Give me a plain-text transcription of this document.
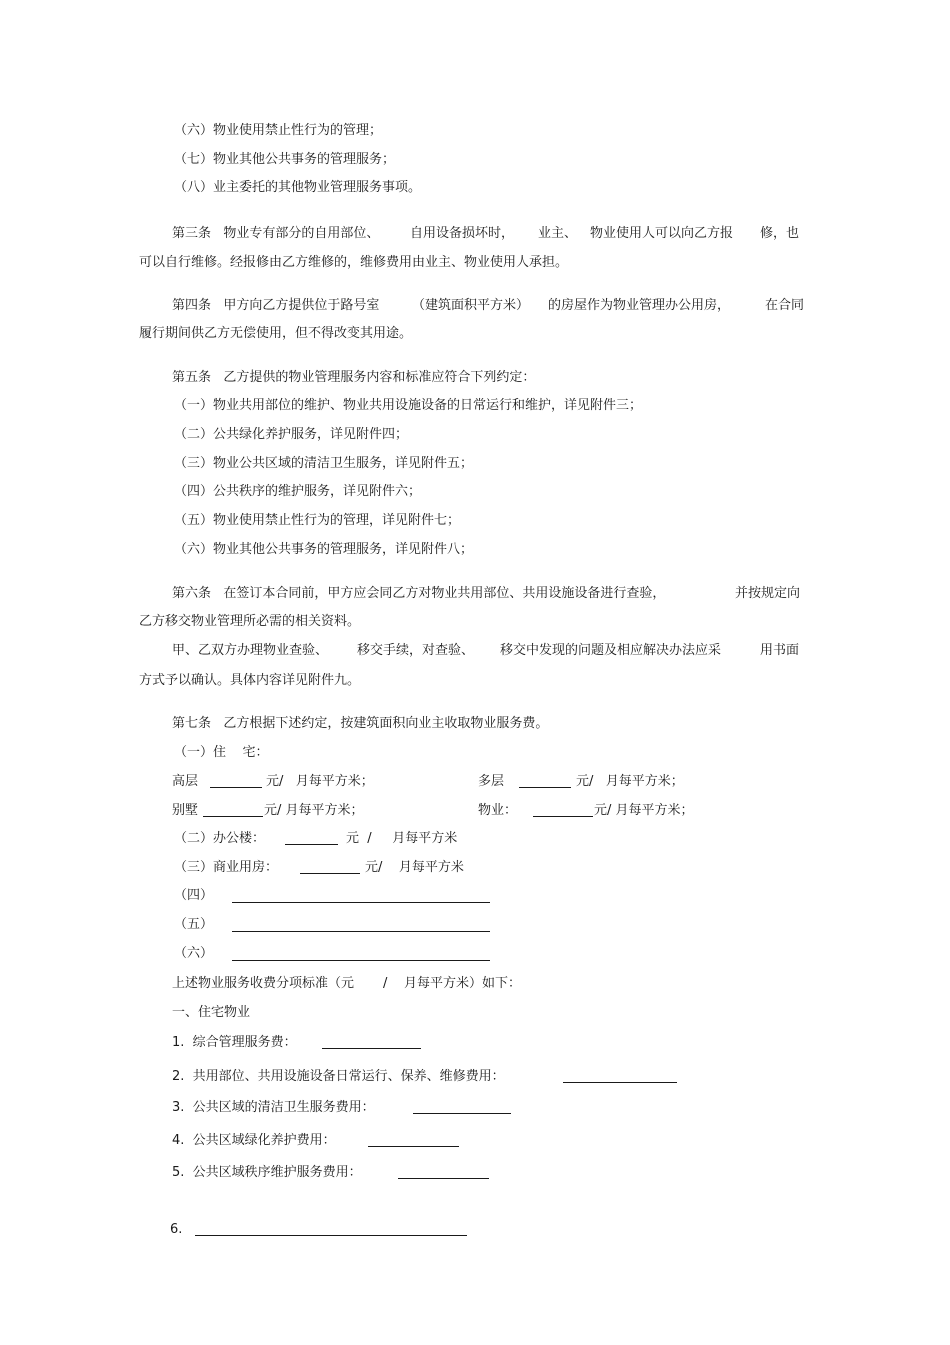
（六）物业使用禁止性行为的管理；
（七）物业其他公共事务的管理服务；
（八）业主委托的其他物业管理服务事项。
第三条   物业专有部分的自用部位、 自用设备损坏时， 业主、 物业使用人可以向乙方报 修，也
可以自行维修。经报修由乙方维修的，维修费用由业主、物业使用人承担。
第四条   甲方向乙方提供位于路号室	（建筑面积平方米） 的房屋作为物业管理办公用房，	在合同
履行期间供乙方无偿使用，但不得改变其用途。
第五条   乙方提供的物业管理服务内容和标准应符合下列约定：
（一）物业共用部位的维护、物业共用设施设备的日常运行和维护，详见附件三；
（二）公共绿化养护服务，详见附件四；
（三）物业公共区域的清洁卫生服务，详见附件五；
（四）公共秩序的维护服务，详见附件六；
（五）物业使用禁止性行为的管理，详见附件七；
（六）物业其他公共事务的管理服务，详见附件八；
第六条   在签订本合同前，甲方应会同乙方对物业共用部位、共用设施设备进行查验，	并按规定向
乙方移交物业管理所必需的相关资料。
甲、乙双方办理物业查验、 移交手续，对查验、 移交中发现的问题及相应解决办法应采	用书面
方式予以确认。具体内容详见附件九。
第七条   乙方根据下述约定，按建筑面积向业主收取物业服务费。
（一）住    宅：
高层	元/   月每平方米；	多层	元/   月每平方米；
别墅	元/ 月每平方米；	物业：	元/ 月每平方米；
（二）办公楼：	元  /     月每平方米
（三）商业用房：	元/    月每平方米
（四）
（五）
（六）
上述物业服务收费分项标准（元 / 月每平方米）如下：
一、住宅物业
1.  综合管理服务费：
2.  共用部位、共用设施设备日常运行、保养、维修费用：
3.  公共区域的清洁卫生服务费用：
4.  公共区域绿化养护费用：
5.  公共区域秩序维护服务费用：
6.
